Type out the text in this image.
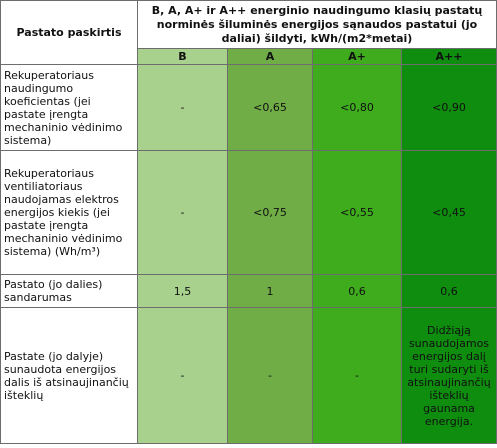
Pastato paskirtis	B, A, A+ ir A++ energinio naudingumo klasių pastatų norminės šiluminės energijos sąnaudos pastatui (jo daliai) šildyti, kWh/(m2*metai)			
	B	A	A+	A++
Rekuperatoriaus naudingumo koeficientas (jei pastate įrengta mechaninio vėdinimo sistema)	-	<0,65	<0,80	<0,90
Rekuperatoriaus ventiliatoriaus naudojamas elektros energijos kiekis (jei pastate įrengta mechaninio vėdinimo sistema) (Wh/m³)	-	<0,75	<0,55	<0,45
Pastato (jo dalies) sandarumas	1,5	1	0,6	0,6
Pastate (jo dalyje) sunaudota energijos dalis iš atsinaujinančių išteklių	-	-	-	Didžiąją sunaudojamos energijos dalį turi sudaryti iš atsinaujinančių išteklių gaunama energija.
